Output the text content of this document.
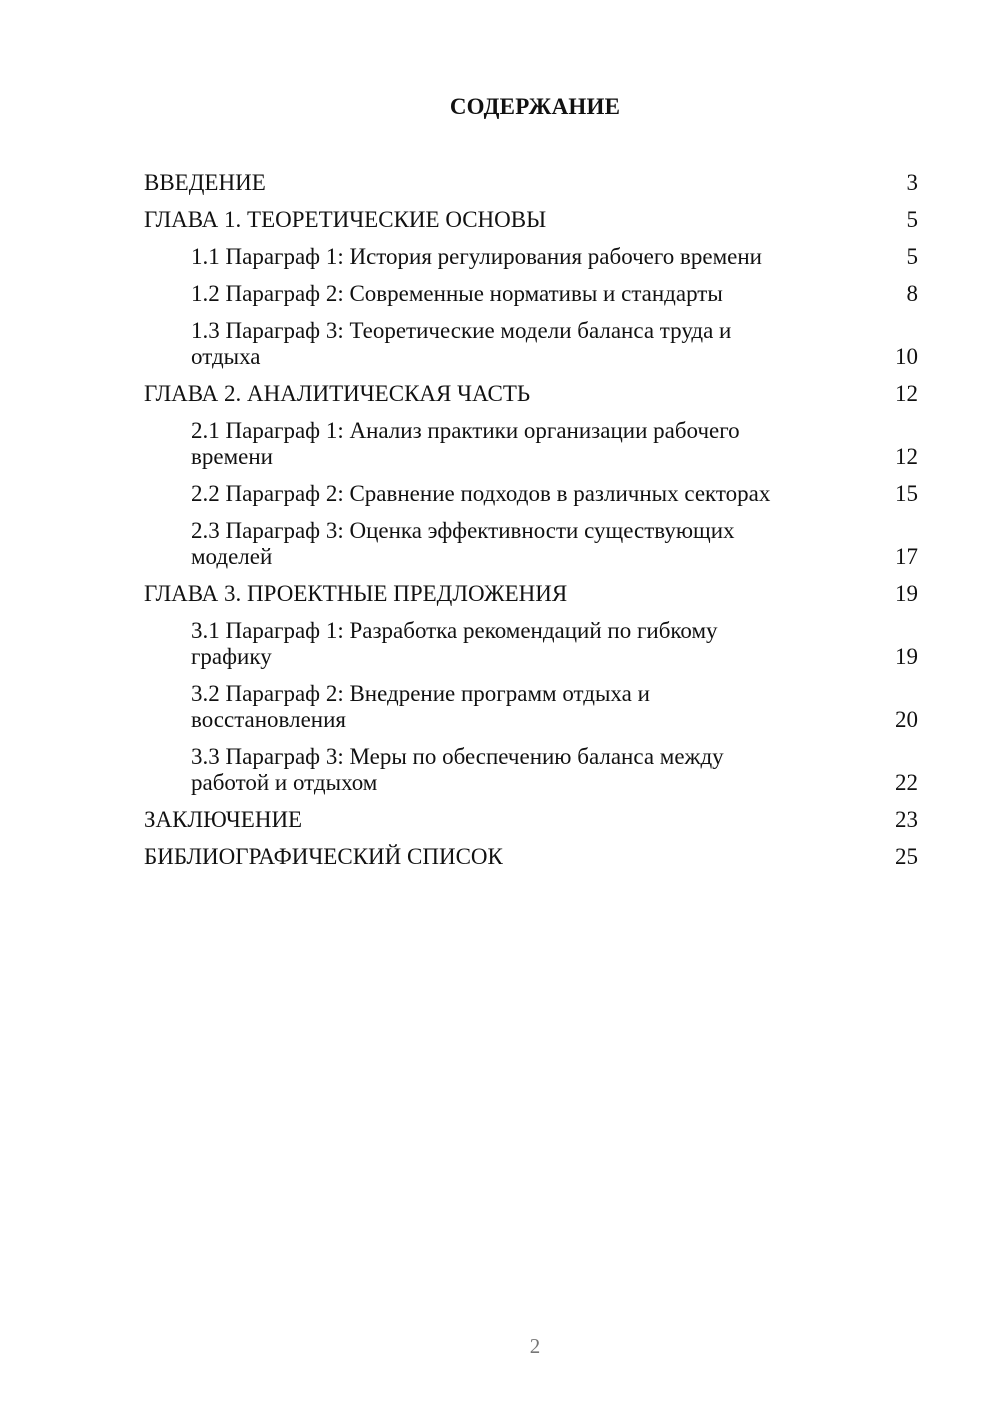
СОДЕРЖАНИЕ
ВВЕДЕНИЕ	3
ГЛАВА 1. ТЕОРЕТИЧЕСКИЕ ОСНОВЫ	5
1.1 Параграф 1: История регулирования рабочего времени	5
1.2 Параграф 2: Современные нормативы и стандарты	8
1.3 Параграф 3: Теоретические модели баланса труда и отдыха	10
ГЛАВА 2. АНАЛИТИЧЕСКАЯ ЧАСТЬ	12
2.1 Параграф 1: Анализ практики организации рабочего времени	12
2.2 Параграф 2: Сравнение подходов в различных секторах	15
2.3 Параграф 3: Оценка эффективности существующих моделей	17
ГЛАВА 3. ПРОЕКТНЫЕ ПРЕДЛОЖЕНИЯ	19
3.1 Параграф 1: Разработка рекомендаций по гибкому графику	19
3.2 Параграф 2: Внедрение программ отдыха и восстановления	20
3.3 Параграф 3: Меры по обеспечению баланса между работой и отдыхом	22
ЗАКЛЮЧЕНИЕ	23
БИБЛИОГРАФИЧЕСКИЙ СПИСОК	25
2
